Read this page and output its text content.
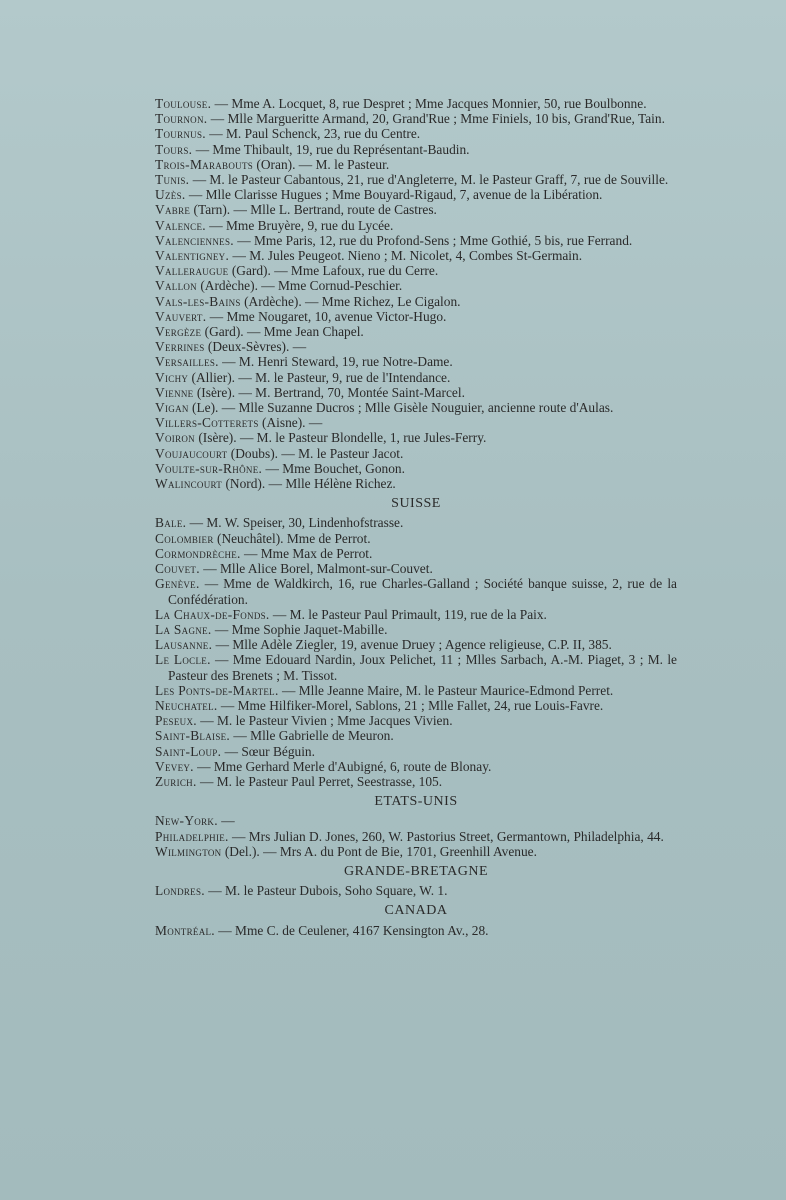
Toulouse. — Mme A. Locquet, 8, rue Despret ; Mme Jacques Monnier, 50, rue Boulbonne.

Tournon. — Mlle Margueritte Armand, 20, Grand'Rue ; Mme Finiels, 10 bis, Grand'Rue, Tain.

Tournus. — M. Paul Schenck, 23, rue du Centre.

Tours. — Mme Thibault, 19, rue du Représentant-Baudin.

Trois-Marabouts (Oran). — M. le Pasteur.

Tunis. — M. le Pasteur Cabantous, 21, rue d'Angleterre, M. le Pasteur Graff, 7, rue de Souville.

Uzès. — Mlle Clarisse Hugues ; Mme Bouyard-Rigaud, 7, avenue de la Libération.

Vabre (Tarn). — Mlle L. Bertrand, route de Castres.

Valence. — Mme Bruyère, 9, rue du Lycée.

Valenciennes. — Mme Paris, 12, rue du Profond-Sens ; Mme Gothié, 5 bis, rue Ferrand.

Valentigney. — M. Jules Peugeot. Nieno ; M. Nicolet, 4, Combes St-Germain.

Valleraugue (Gard). — Mme Lafoux, rue du Cerre.

Vallon (Ardèche). — Mme Cornud-Peschier.

Vals-les-Bains (Ardèche). — Mme Richez, Le Cigalon.

Vauvert. — Mme Nougaret, 10, avenue Victor-Hugo.

Vergèze (Gard). — Mme Jean Chapel.

Verrines (Deux-Sèvres). —

Versailles. — M. Henri Steward, 19, rue Notre-Dame.

Vichy (Allier). — M. le Pasteur, 9, rue de l'Intendance.

Vienne (Isère). — M. Bertrand, 70, Montée Saint-Marcel.

Vigan (Le). — Mlle Suzanne Ducros ; Mlle Gisèle Nouguier, ancienne route d'Aulas.

Villers-Cotterets (Aisne). —

Voiron (Isère). — M. le Pasteur Blondelle, 1, rue Jules-Ferry.

Voujaucourt (Doubs). — M. le Pasteur Jacot.

Voulte-sur-Rhône. — Mme Bouchet, Gonon.

Walincourt (Nord). — Mlle Hélène Richez.

SUISSE

Bale. — M. W. Speiser, 30, Lindenhofstrasse.

Colombier (Neuchâtel). Mme de Perrot.

Cormondrèche. — Mme Max de Perrot.

Couvet. — Mlle Alice Borel, Malmont-sur-Couvet.

Genève. — Mme de Waldkirch, 16, rue Charles-Galland ; Société banque suisse, 2, rue de la Confédération.

La Chaux-de-Fonds. — M. le Pasteur Paul Primault, 119, rue de la Paix.

La Sagne. — Mme Sophie Jaquet-Mabille.

Lausanne. — Mlle Adèle Ziegler, 19, avenue Druey ; Agence religieuse, C.P. II, 385.

Le Locle. — Mme Edouard Nardin, Joux Pelichet, 11 ; Mlles Sarbach, A.-M. Piaget, 3 ; M. le Pasteur des Brenets ; M. Tissot.

Les Ponts-de-Martel. — Mlle Jeanne Maire, M. le Pasteur Maurice-Edmond Perret.

Neuchatel. — Mme Hilfiker-Morel, Sablons, 21 ; Mlle Fallet, 24, rue Louis-Favre.

Peseux. — M. le Pasteur Vivien ; Mme Jacques Vivien.

Saint-Blaise. — Mlle Gabrielle de Meuron.

Saint-Loup. — Sœur Béguin.

Vevey. — Mme Gerhard Merle d'Aubigné, 6, route de Blonay.

Zurich. — M. le Pasteur Paul Perret, Seestrasse, 105.

ETATS-UNIS

New-York. —

Philadelphie. — Mrs Julian D. Jones, 260, W. Pastorius Street, Germantown, Philadelphia, 44.

Wilmington (Del.). — Mrs A. du Pont de Bie, 1701, Greenhill Avenue.

GRANDE-BRETAGNE

Londres. — M. le Pasteur Dubois, Soho Square, W. 1.

CANADA

Montréal. — Mme C. de Ceulener, 4167 Kensington Av., 28.
